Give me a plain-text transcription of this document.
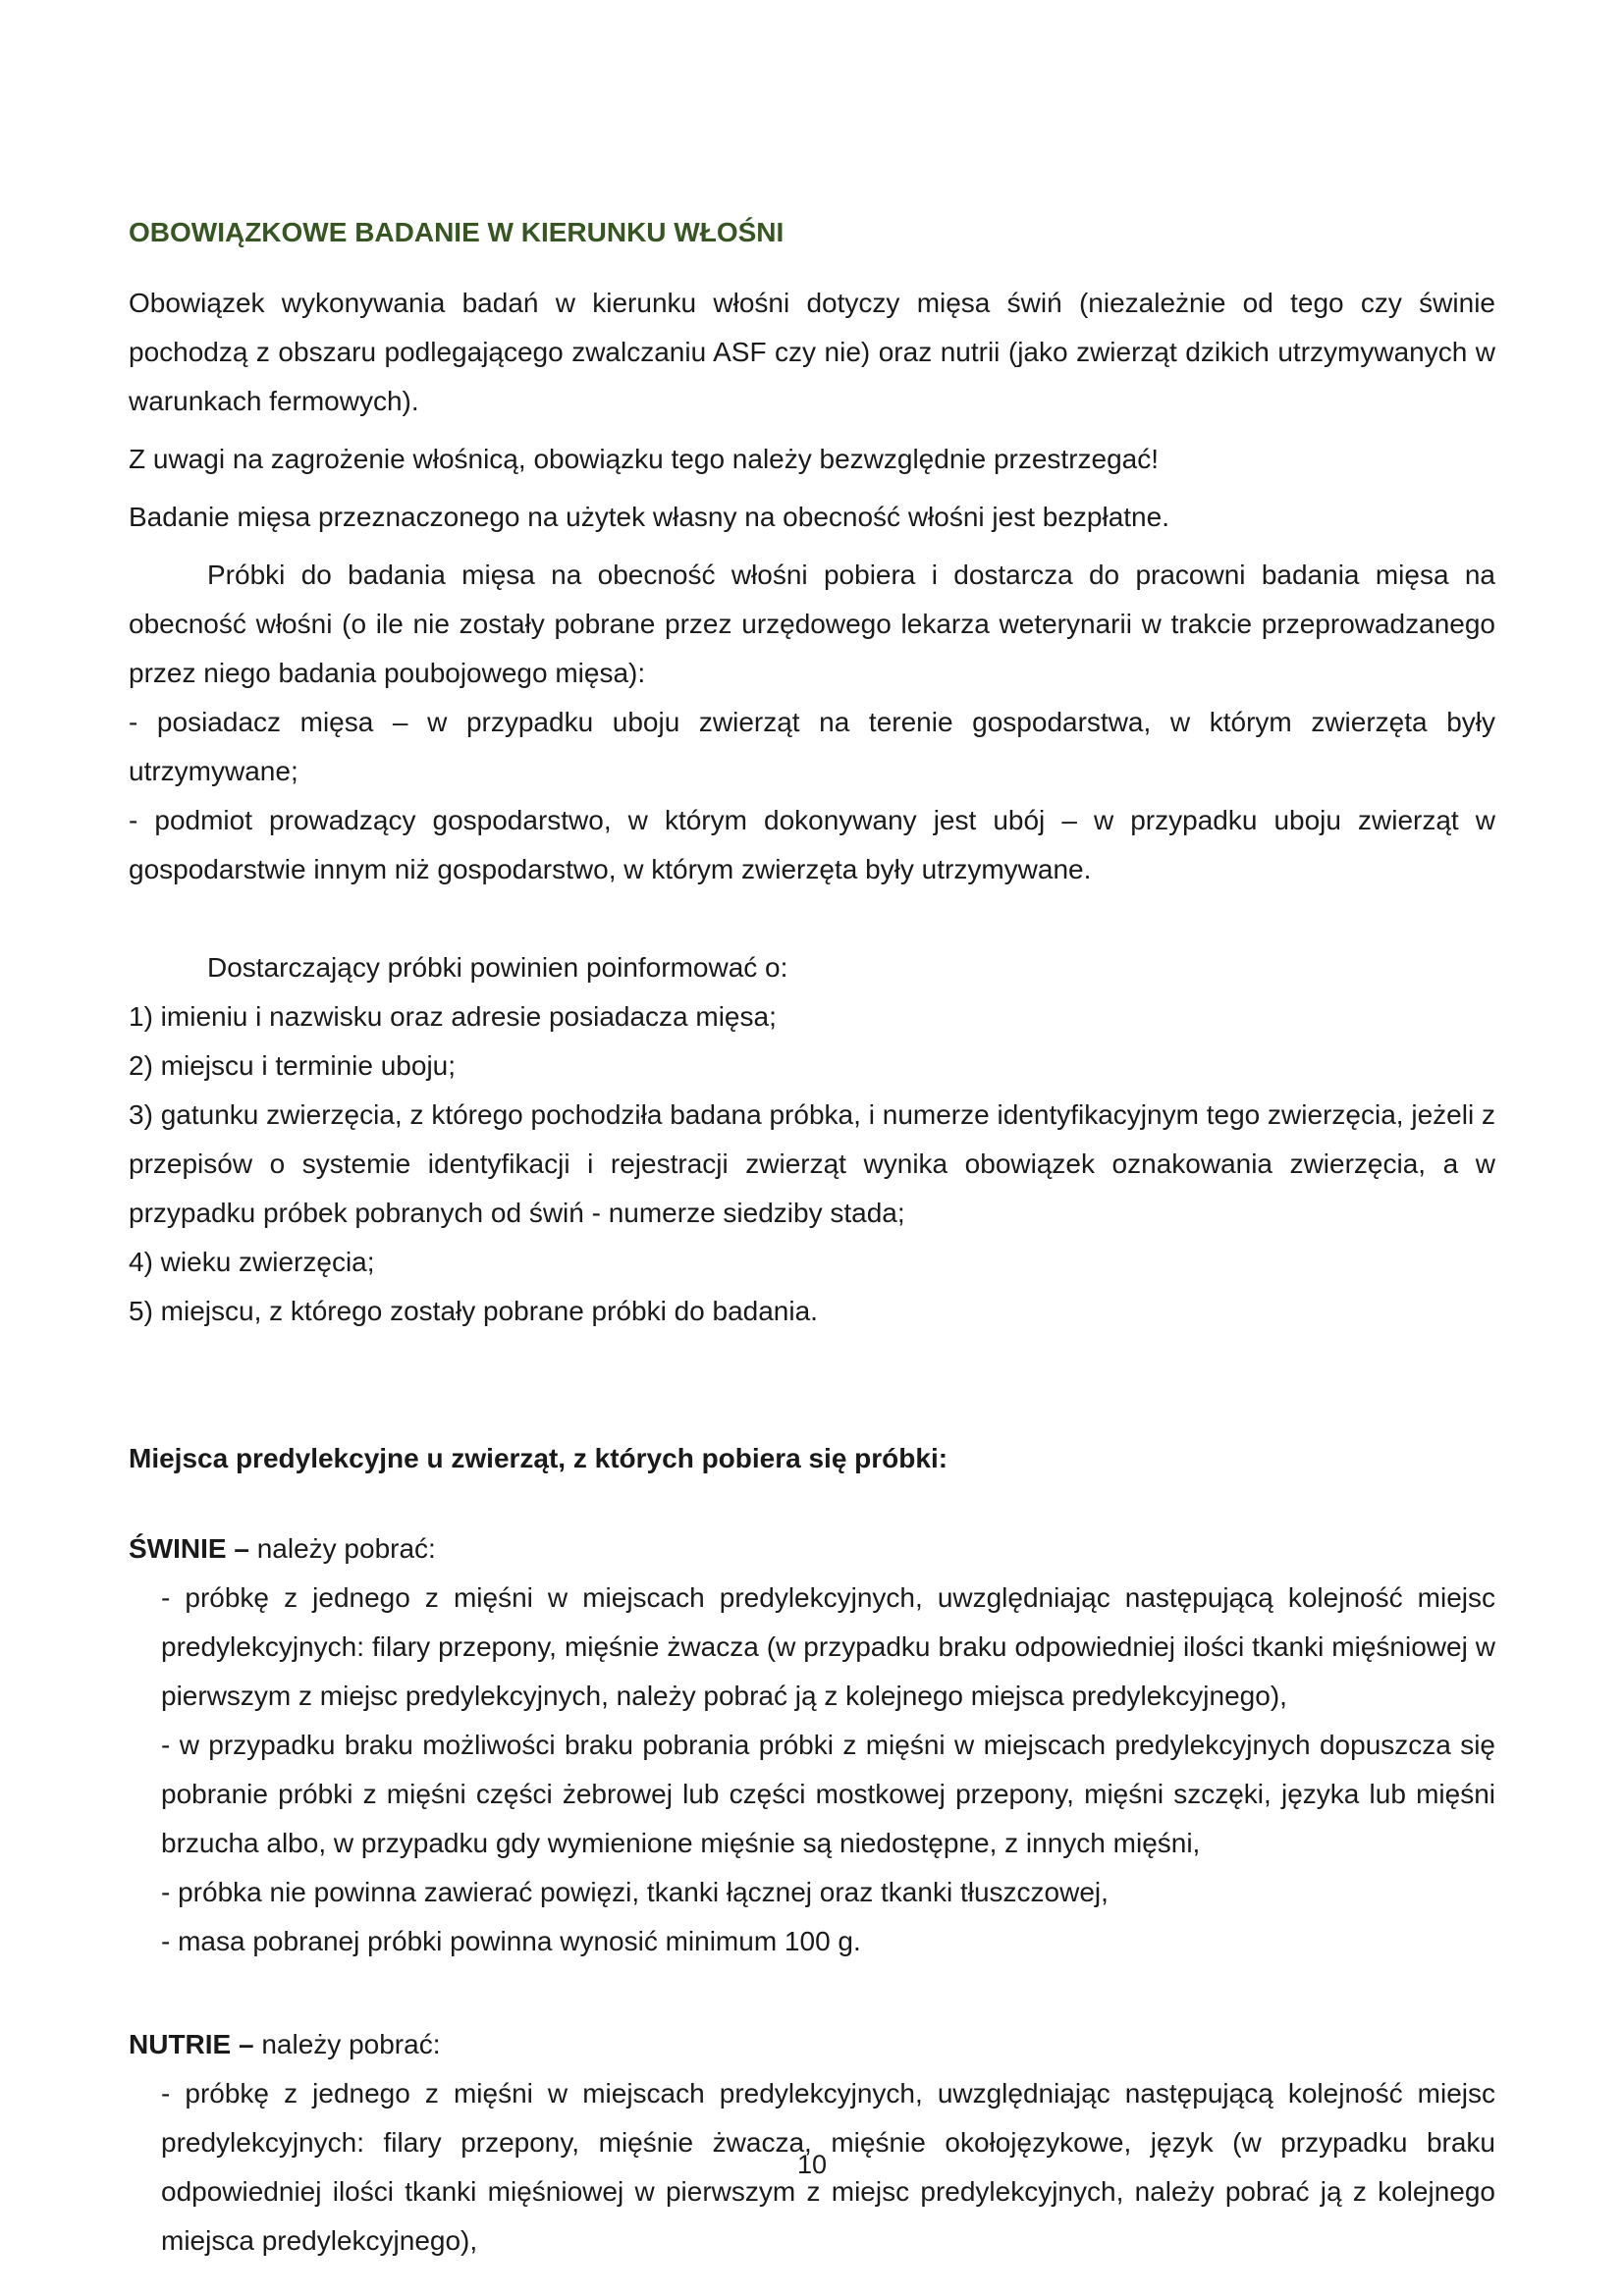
OBOWIĄZKOWE BADANIE W KIERUNKU WŁOŚNI

Obowiązek wykonywania badań w kierunku włośni dotyczy mięsa świń (niezależnie od tego czy świnie pochodzą z obszaru podlegającego zwalczaniu ASF czy nie) oraz nutrii (jako zwierząt dzikich utrzymywanych w warunkach fermowych).

Z uwagi na zagrożenie włośnicą, obowiązku tego należy bezwzględnie przestrzegać!

Badanie mięsa przeznaczonego na użytek własny na obecność włośni jest bezpłatne.

Próbki do badania mięsa na obecność włośni pobiera i dostarcza do pracowni badania mięsa na obecność włośni (o ile nie zostały pobrane przez urzędowego lekarza weterynarii w trakcie przeprowadzanego przez niego badania poubojowego mięsa):

- posiadacz mięsa – w przypadku uboju zwierząt na terenie gospodarstwa, w którym zwierzęta były utrzymywane;

- podmiot prowadzący gospodarstwo, w którym dokonywany jest ubój – w przypadku uboju zwierząt w gospodarstwie innym niż gospodarstwo, w którym zwierzęta były utrzymywane.

Dostarczający próbki powinien poinformować o:

1) imieniu i nazwisku oraz adresie posiadacza mięsa;

2) miejscu i terminie uboju;

3) gatunku zwierzęcia, z którego pochodziła badana próbka, i numerze identyfikacyjnym tego zwierzęcia, jeżeli z przepisów o systemie identyfikacji i rejestracji zwierząt wynika obowiązek oznakowania zwierzęcia, a w przypadku próbek pobranych od świń - numerze siedziby stada;

4) wieku zwierzęcia;

5) miejscu, z którego zostały pobrane próbki do badania.

Miejsca predylekcyjne u zwierząt, z których pobiera się próbki:

ŚWINIE – należy pobrać:

- próbkę z jednego z mięśni w miejscach predylekcyjnych, uwzględniając następującą kolejność miejsc predylekcyjnych: filary przepony, mięśnie żwacza (w przypadku braku odpowiedniej ilości tkanki mięśniowej w pierwszym z miejsc predylekcyjnych, należy pobrać ją z kolejnego miejsca predylekcyjnego),

- w przypadku braku możliwości braku pobrania próbki z mięśni w miejscach predylekcyjnych dopuszcza się pobranie próbki z mięśni części żebrowej lub części mostkowej przepony, mięśni szczęki, języka lub mięśni brzucha albo, w przypadku gdy wymienione mięśnie są niedostępne, z innych mięśni,

- próbka nie powinna zawierać powięzi, tkanki łącznej oraz tkanki tłuszczowej,

- masa pobranej próbki powinna wynosić minimum 100 g.

NUTRIE – należy pobrać:

- próbkę z jednego z mięśni w miejscach predylekcyjnych, uwzględniając następującą kolejność miejsc predylekcyjnych: filary przepony, mięśnie żwacza, mięśnie okołojęzykowe, język (w przypadku braku odpowiedniej ilości tkanki mięśniowej w pierwszym z miejsc predylekcyjnych, należy pobrać ją z kolejnego miejsca predylekcyjnego),

10
